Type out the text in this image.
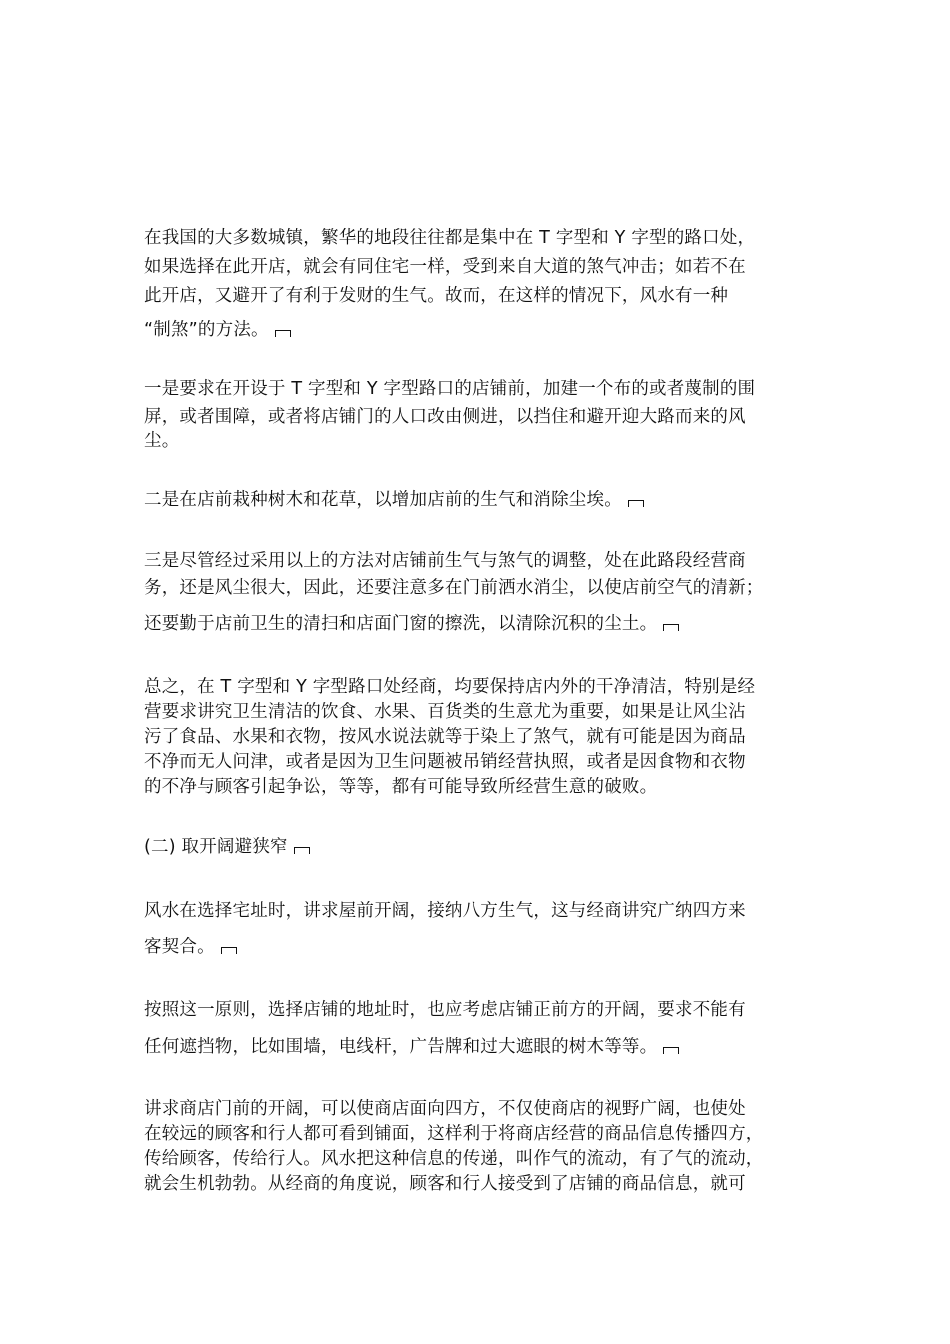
在我国的大多数城镇，繁华的地段往往都是集中在 T 字型和 Y 字型的路口处，
如果选择在此开店，就会有同住宅一样，受到来自大道的煞气冲击；如若不在
此开店，又避开了有利于发财的生气。故而，在这样的情况下，风水有一种
“制煞”的方法。
一是要求在开设于 T 字型和 Y 字型路口的店铺前，加建一个布的或者蔑制的围
屏，或者围障，或者将店铺门的人口改由侧进，以挡住和避开迎大路而来的风
尘。
二是在店前栽种树木和花草，以增加店前的生气和消除尘埃。
三是尽管经过采用以上的方法对店铺前生气与煞气的调整，处在此路段经营商
务，还是风尘很大，因此，还要注意多在门前洒水消尘，以使店前空气的清新；
还要勤于店前卫生的清扫和店面门窗的擦洗，以清除沉积的尘土。
总之，在 T 字型和 Y 字型路口处经商，均要保持店内外的干净清洁，特别是经
营要求讲究卫生清洁的饮食、水果、百货类的生意尤为重要，如果是让风尘沾
污了食品、水果和衣物，按风水说法就等于染上了煞气，就有可能是因为商品
不净而无人问津，或者是因为卫生问题被吊销经营执照，或者是因食物和衣物
的不净与顾客引起争讼，等等，都有可能导致所经营生意的破败。
(二) 取开阔避狭窄
风水在选择宅址时，讲求屋前开阔，接纳八方生气，这与经商讲究广纳四方来
客契合。
按照这一原则，选择店铺的地址时，也应考虑店铺正前方的开阔，要求不能有
任何遮挡物，比如围墙，电线杆，广告牌和过大遮眼的树木等等。
讲求商店门前的开阔，可以使商店面向四方，不仅使商店的视野广阔，也使处
在较远的顾客和行人都可看到铺面，这样利于将商店经营的商品信息传播四方，
传给顾客，传给行人。风水把这种信息的传递，叫作气的流动，有了气的流动，
就会生机勃勃。从经商的角度说，顾客和行人接受到了店铺的商品信息，就可
